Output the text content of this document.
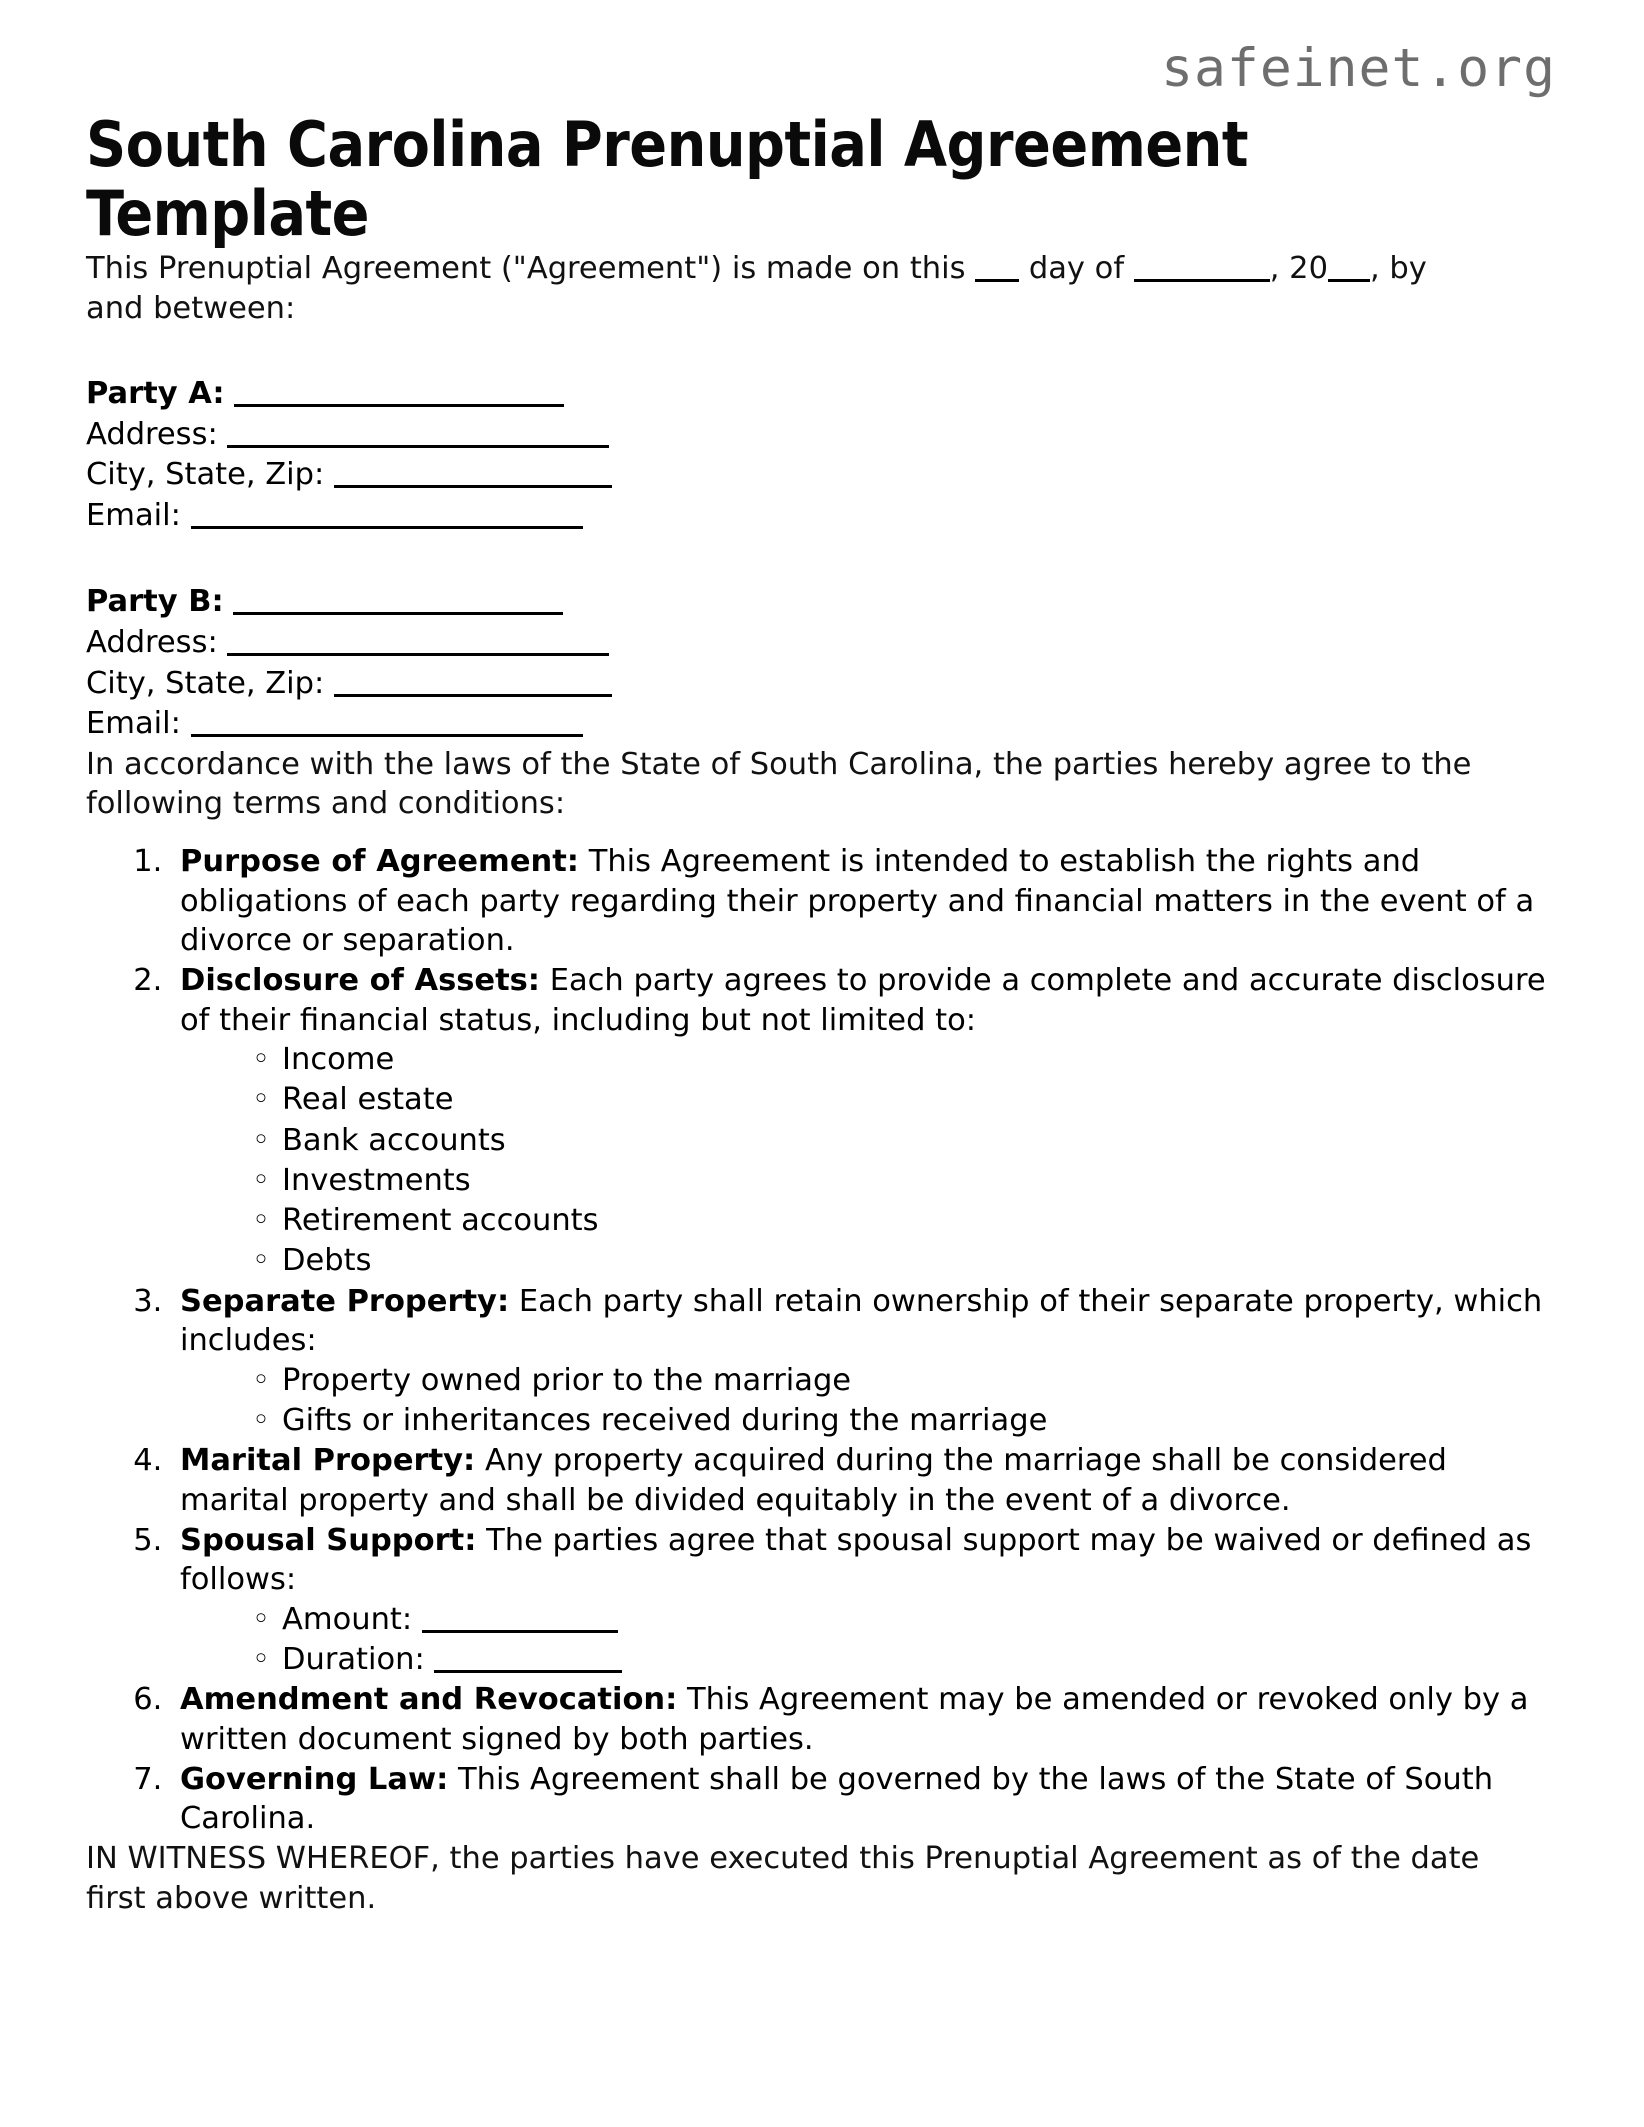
safeinet.org
South Carolina Prenuptial Agreement Template

This Prenuptial Agreement ("Agreement") is made on this day of	, 20 , by and between:

Party A:
Address:
City, State, Zip:
Email:
Party B:
Address:
City, State, Zip:
Email:

In accordance with the laws of the State of South Carolina, the parties hereby agree to the following terms and conditions:

1. Purpose of Agreement: This Agreement is intended to establish the rights and obligations of each party regarding their property and financial matters in the event of a divorce or separation.
2. Disclosure of Assets: Each party agrees to provide a complete and accurate disclosure of their financial status, including but not limited to:
◦ Income
◦ Real estate
◦ Bank accounts
◦ Investments
◦ Retirement accounts
◦ Debts
3. Separate Property: Each party shall retain ownership of their separate property, which includes:
◦ Property owned prior to the marriage
◦ Gifts or inheritances received during the marriage
4. Marital Property: Any property acquired during the marriage shall be considered marital property and shall be divided equitably in the event of a divorce.
5. Spousal Support: The parties agree that spousal support may be waived or defined as follows:
◦ Amount:
◦ Duration:
6. Amendment and Revocation: This Agreement may be amended or revoked only by a written document signed by both parties.
7. Governing Law: This Agreement shall be governed by the laws of the State of South Carolina.

IN WITNESS WHEREOF, the parties have executed this Prenuptial Agreement as of the date first above written.
